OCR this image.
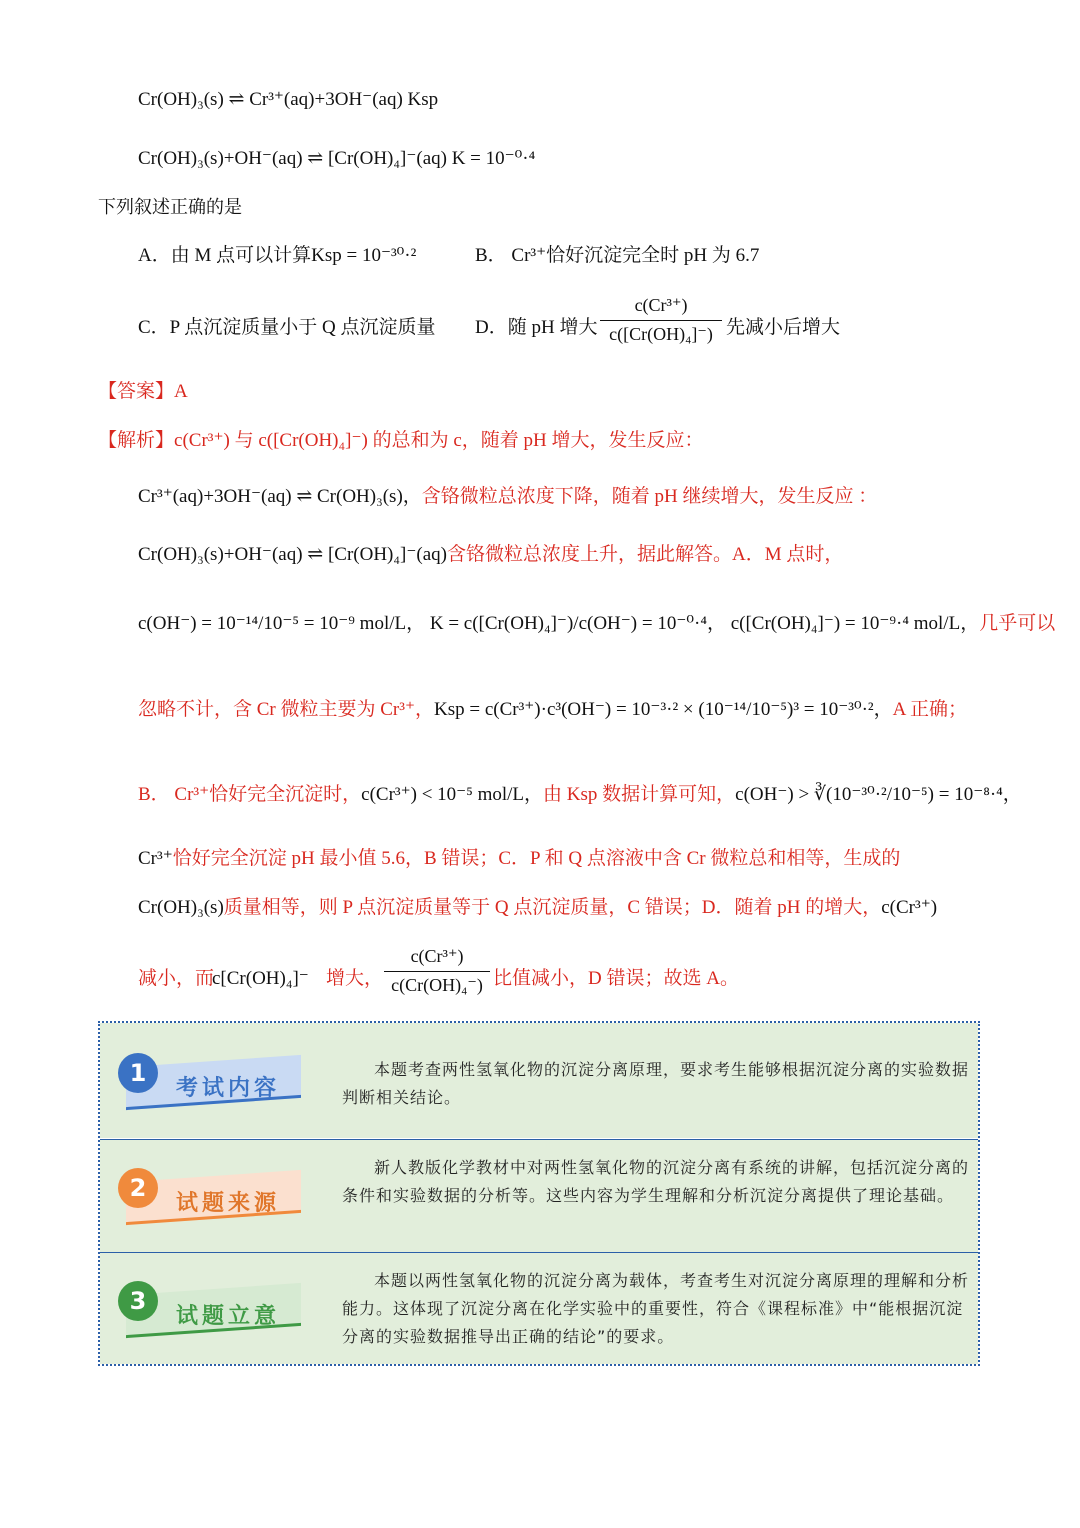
Cr(OH)₃(s) ⇌ Cr³⁺(aq)+3OH⁻(aq) Ksp
Cr(OH)₃(s)+OH⁻(aq) ⇌ [Cr(OH)₄]⁻(aq) K = 10⁻⁰·⁴
下列叙述正确的是
A．由 M 点可以计算Ksp = 10⁻³⁰·²	B． Cr³⁺恰好沉淀完全时 pH 为 6.7
C．P 点沉淀质量小于 Q 点沉淀质量 D．随 pH 增大
c(Cr³⁺)
c([Cr(OH)₄]⁻) 先减小后增大
【答案】A
【解析】c(Cr³⁺) 与 c([Cr(OH)₄]⁻) 的总和为 c，随着 pH 增大，发生反应：
Cr³⁺(aq)+3OH⁻(aq) ⇌ Cr(OH)₃(s)，含铬微粒总浓度下降，随着 pH 继续增大，发生反应 ：
Cr(OH)₃(s)+OH⁻(aq) ⇌ [Cr(OH)₄]⁻(aq)含铬微粒总浓度上升，据此解答。A．M 点时，
c(OH⁻) = 10⁻¹⁴/10⁻⁵ = 10⁻⁹ mol/L， K = c([Cr(OH)₄]⁻)/c(OH⁻) = 10⁻⁰·⁴， c([Cr(OH)₄]⁻) = 10⁻⁹·⁴ mol/L，几乎可以
忽略不计，含 Cr 微粒主要为 Cr³⁺，Ksp = c(Cr³⁺)·c³(OH⁻) = 10⁻³·² × (10⁻¹⁴/10⁻⁵)³ = 10⁻³⁰·²，A 正确；
B． Cr³⁺恰好完全沉淀时，c(Cr³⁺) < 10⁻⁵ mol/L，由 Ksp 数据计算可知，c(OH⁻) > ∛(10⁻³⁰·²/10⁻⁵) = 10⁻⁸·⁴，
Cr³⁺恰好完全沉淀 pH 最小值 5.6，B 错误；C．P 和 Q 点溶液中含 Cr 微粒总和相等，生成的
Cr(OH)₃(s)质量相等，则 P 点沉淀质量等于 Q 点沉淀质量，C 错误；D．随着 pH 的增大，c(Cr³⁺)
减小，而
c[Cr(OH)₄]⁻ 增大，
c(Cr³⁺)
c(Cr(OH)₄⁻) 比值减小，D 错误；故选 A。
1
考试内容
本题考查两性氢氧化物的沉淀分离原理，要求考生能够根据沉淀分离的实验数据判断相关结论。
2
试题来源
新人教版化学教材中对两性氢氧化物的沉淀分离有系统的讲解，包括沉淀分离的条件和实验数据的分析等。这些内容为学生理解和分析沉淀分离提供了理论基础。
3
试题立意
本题以两性氢氧化物的沉淀分离为载体，考查考生对沉淀分离原理的理解和分析能力。这体现了沉淀分离在化学实验中的重要性，符合《课程标准》中“能根据沉淀分离的实验数据推导出正确的结论”的要求。
